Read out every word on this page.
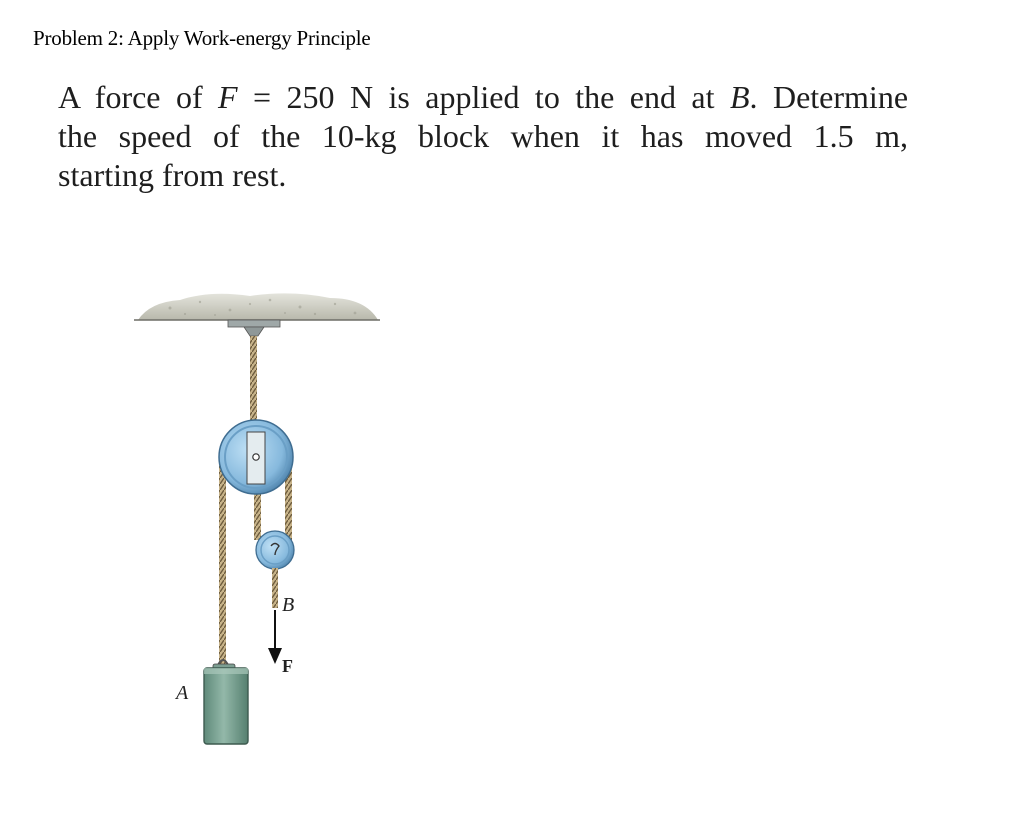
Problem 2: Apply Work-energy Principle
A force of F = 250 N is applied to the end at B. Determine
the speed of the 10-kg block when it has moved 1.5 m,
starting from rest.
A
B
F
